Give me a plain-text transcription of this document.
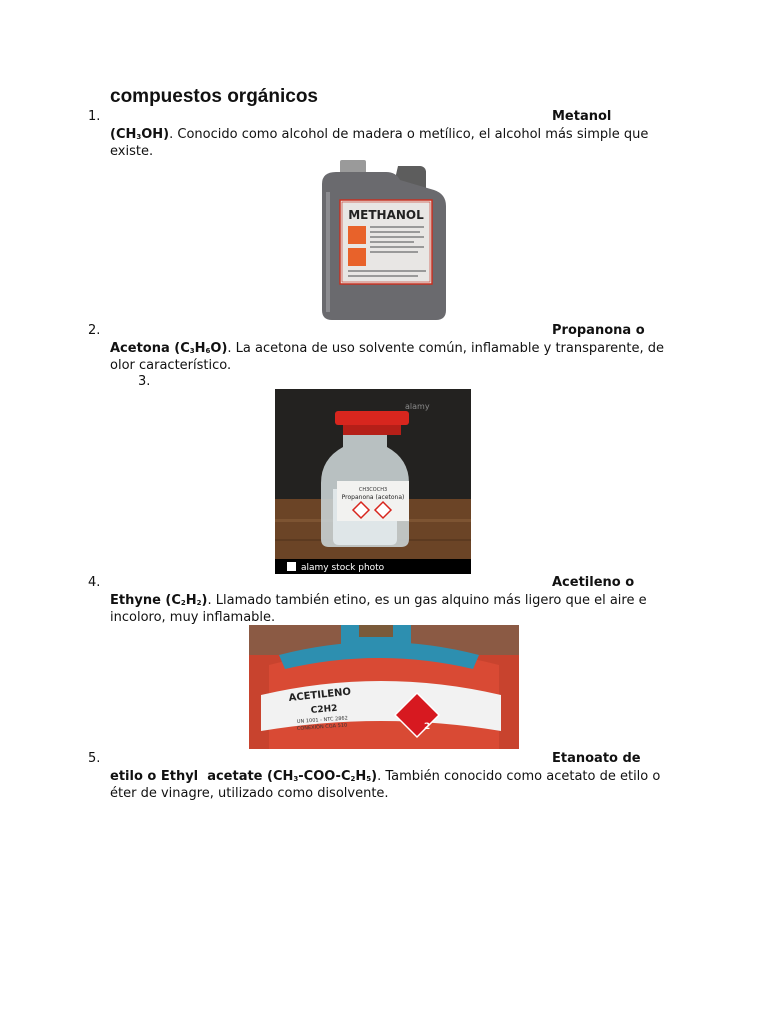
compuestos orgánicos
1.	Metanol
$(CH_3OH)$. Conocido como alcohol de madera o metílico, el alcohol más simple que existe.
METHANOL
2.	Propanona o
Acetona $(C_3H_6O)$. La acetona de uso solvente común, inflamable y transparente, de olor característico.
3.
CH3COCH3
Propanona (acetona)
alamy
alamy stock photo
4.	Acetileno o
Ethyne $(C_2H_2)$. Llamado también etino, es un gas alquino más ligero que el aire e incoloro, muy inflamable.
ACETILENO
C2H2
UN 1001 - NTC 2862
CONEXIÓN CGA 510	2
5.	Etanoato de
etilo o Ethyl  acetate $(CH_3-COO-C_2H_5)$. También conocido como acetato de etilo o éter de vinagre, utilizado como disolvente.
